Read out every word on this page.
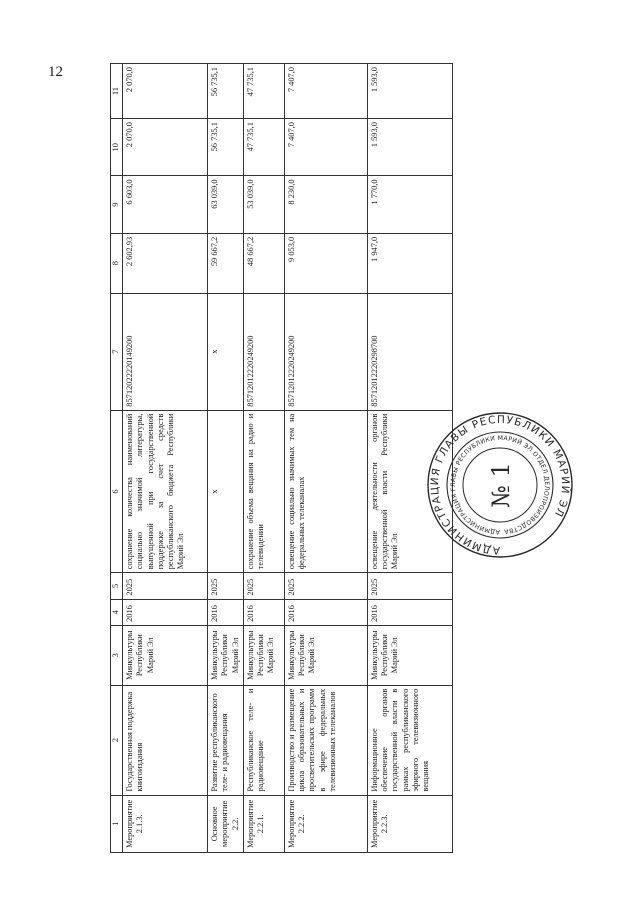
12
1	2	3	4	5	6	7	8	9	10	11
Мероприятие 2.1.3.	Государственная поддержка книгоиздания	Минкультуры Республики Марий Эл	2016	2025	сохранение количества наименований социально значимой литературы, выпущенной при государственной поддержке за счет средств республиканского бюджета Республики Марий Эл	85712022220149200	2 602,93	6 603,0	2 070,0	2 070,0
Основное мероприятие 2.2.	Развитие республиканского теле- и радиовещания	Минкультуры Республики Марий Эл	2016	2025	х	х	59 667,2	63 039,0	56 735,1	56 735,1
Мероприятие 2.2.1.	Республиканское теле- и радиовещание	Минкультуры Республики Марий Эл	2016	2025	сохранение объема вещания на радио и телевидении	85712012220249200	48 667,2	53 039,0	47 735,1	47 735,1
Мероприятие 2.2.2.	Производство и размещение цикла образовательных и просветительских программ в эфире федеральных телевизионных телеканалов	Минкультуры Республики Марий Эл	2016	2025	освещение социально значимых тем на федеральных телеканалах	85712012220249200	9 053,0	8 230,0	7 407,0	7 407,0
Мероприятие 2.2.3.	Информационное обеспечение органов государственной власти в рамках республиканского эфирного телевизионного вещания	Минкультуры Республики Марий Эл	2016	2025	освещение деятельности органов государственной власти Республики Марий Эл	85712012220298700	1 947,0	1 770,0	1 593,0	1 593,0
АДМИНИСТРАЦИЯ ГЛАВЫ РЕСПУБЛИКИ МАРИЙ ЭЛ
АДМИНИСТРАЦИЯ ГЛАВЫ РЕСПУБЛИКИ МАРИЙ ЭЛ ОТДЕЛ ДЕЛОПРОИЗВОДСТВА
№ 1
